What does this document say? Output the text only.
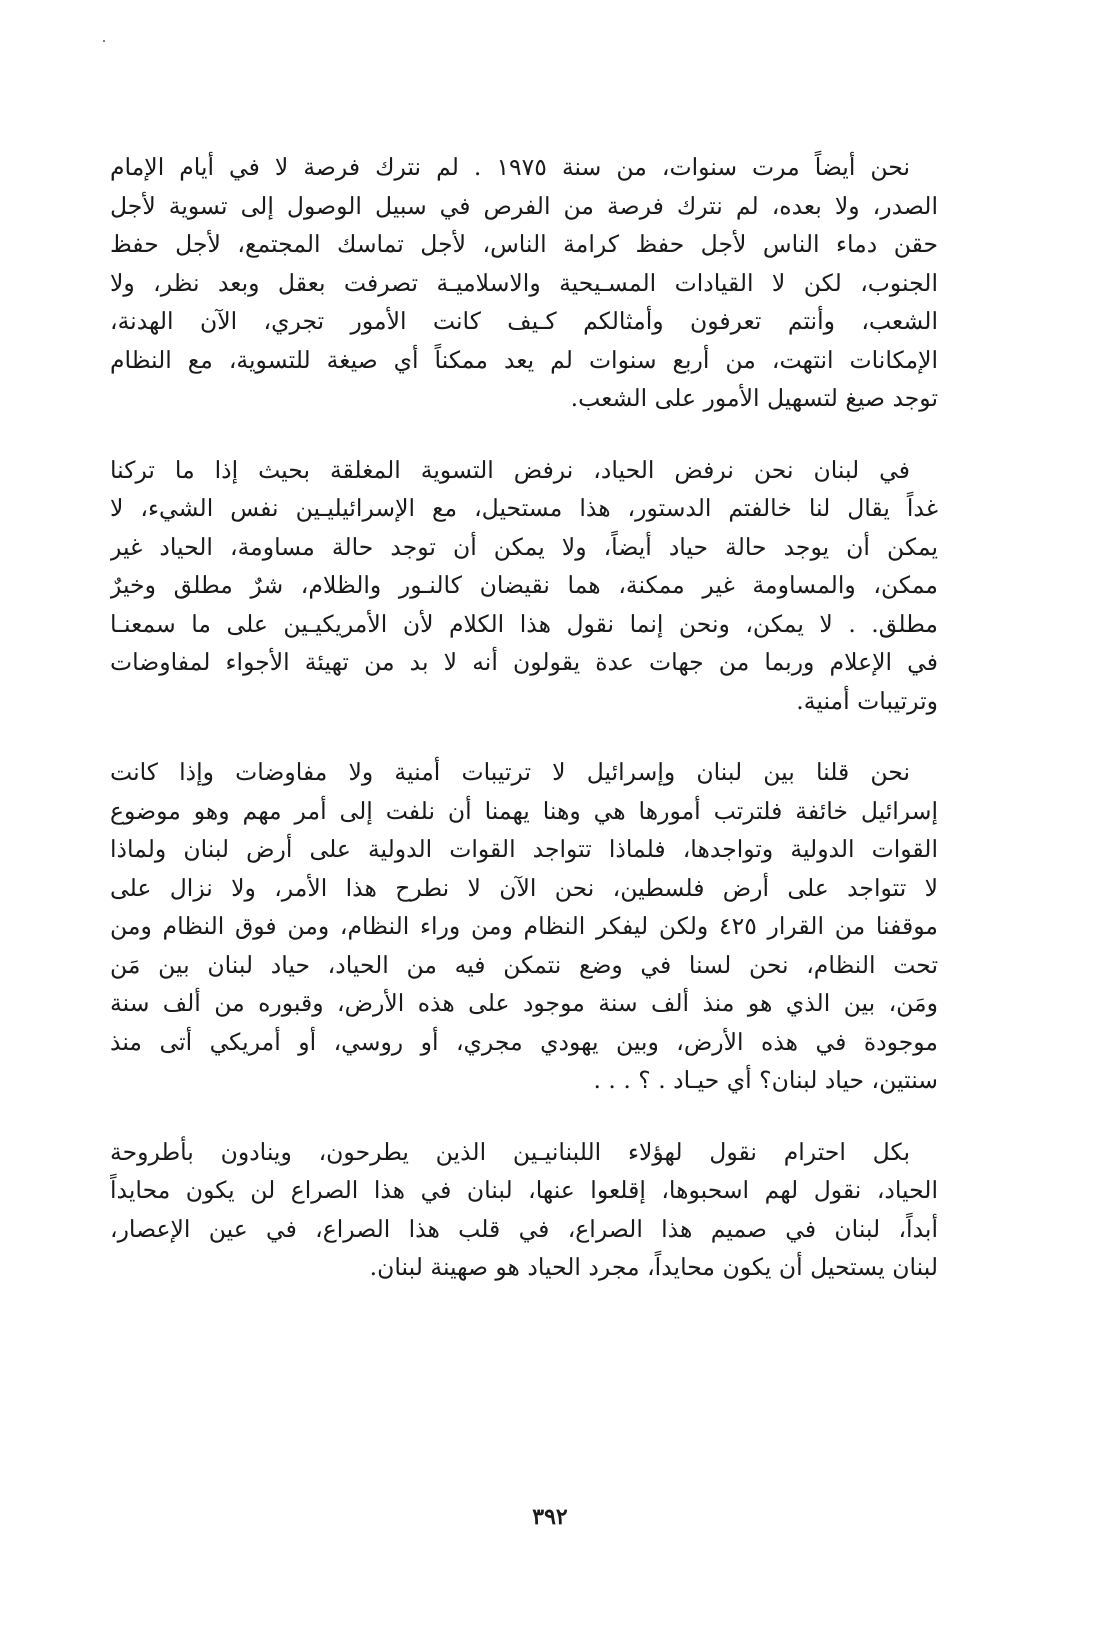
نحن أيضاً مرت سنوات، من سنة ١٩٧٥ . لم نترك فرصة لا في أيام الإمام
الصدر، ولا بعده، لم نترك فرصة من الفرص في سبيل الوصول إلى تسوية لأجل
حقن دماء الناس لأجل حفظ كرامة الناس، لأجل تماسك المجتمع، لأجل حفظ
الجنوب، لكن لا القيادات المسـيحية والاسلاميـة تصرفت بعقل وبعد نظر، ولا
الشعب، وأنتم تعرفون وأمثالكم كـيف كانت الأمور تجري، الآن الهدنة،
الإمكانات انتهت، من أربع سنوات لم يعد ممكناً أي صيغة للتسوية، مع النظام
توجد صيغ لتسهيل الأمور على الشعب.

في لبنان نحن نرفض الحياد، نرفض التسوية المغلقة بحيث إذا ما تركنا
غداً يقال لنا خالفتم الدستور، هذا مستحيل، مع الإسرائيليـين نفس الشيء، لا
يمكن أن يوجد حالة حياد أيضاً، ولا يمكن أن توجد حالة مساومة، الحياد غير
ممكن، والمساومة غير ممكنة، هما نقيضان كالنـور والظلام، شرٌ مطلق وخيرٌ
مطلق. . لا يمكن، ونحن إنما نقول هذا الكلام لأن الأمريكيـين على ما سمعنـا
في الإعلام وربما من جهات عدة يقولون أنه لا بد من تهيئة الأجواء لمفاوضات
وترتيبات أمنية.

نحن قلنا بين لبنان وإسرائيل لا ترتيبات أمنية ولا مفاوضات وإذا كانت
إسرائيل خائفة فلترتب أمورها هي وهنا يهمنا أن نلفت إلى أمر مهم وهو موضوع
القوات الدولية وتواجدها، فلماذا تتواجد القوات الدولية على أرض لبنان ولماذا
لا تتواجد على أرض فلسطين، نحن الآن لا نطرح هذا الأمر، ولا نزال على
موقفنا من القرار ٤٢٥ ولكن ليفكر النظام ومن وراء النظام، ومن فوق النظام ومن
تحت النظام، نحن لسنا في وضع نتمكن فيه من الحياد، حياد لبنان بين مَن
ومَن، بين الذي هو منذ ألف سنة موجود على هذه الأرض، وقبوره من ألف سنة
موجودة في هذه الأرض، وبين يهودي مجري، أو روسي، أو أمريكي أتى منذ
سنتين، حياد لبنان؟ أي حيـاد . ؟ . . .

بكل احترام نقول لهؤلاء اللبنانيـين الذين يطرحون، وينادون بأطروحة
الحياد، نقول لهم اسحبوها، إقلعوا عنها، لبنان في هذا الصراع لن يكون محايداً
أبداً، لبنان في صميم هذا الصراع، في قلب هذا الصراع، في عين الإعصار،
لبنان يستحيل أن يكون محايداً، مجرد الحياد هو صهينة لبنان.

٣٩٢
